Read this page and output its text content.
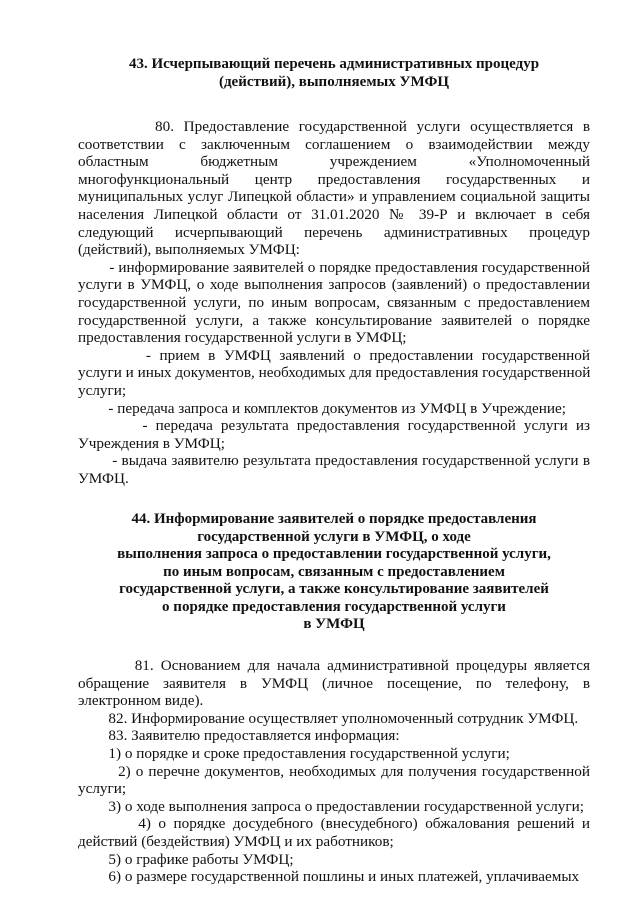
43. Исчерпывающий перечень административных процедур
(действий), выполняемых УМФЦ
80. Предоставление государственной услуги осуществляется в
соответствии с заключенным соглашением о взаимодействии между
областным бюджетным учреждением «Уполномоченный
многофункциональный центр предоставления государственных и
муниципальных услуг Липецкой области» и управлением социальной защиты
населения Липецкой области от 31.01.2020 № 39-Р и включает в себя
следующий исчерпывающий перечень административных процедур
(действий), выполняемых УМФЦ:
- информирование заявителей о порядке предоставления государственной
услуги в УМФЦ, о ходе выполнения запросов (заявлений) о предоставлении
государственной услуги, по иным вопросам, связанным с предоставлением
государственной услуги, а также консультирование заявителей о порядке
предоставления государственной услуги в УМФЦ;
- прием в УМФЦ заявлений о предоставлении государственной
услуги и иных документов, необходимых для предоставления государственной
услуги;
- передача запроса и комплектов документов из УМФЦ в Учреждение;
- передача результата предоставления государственной услуги из
Учреждения в УМФЦ;
- выдача заявителю результата предоставления государственной услуги в
УМФЦ.
44. Информирование заявителей о порядке предоставления
государственной услуги в УМФЦ, о ходе
выполнения запроса о предоставлении государственной услуги,
по иным вопросам, связанным с предоставлением
государственной услуги, а также консультирование заявителей
о порядке предоставления государственной услуги
в УМФЦ
81. Основанием для начала административной процедуры является
обращение заявителя в УМФЦ (личное посещение, по телефону, в
электронном виде).
82. Информирование осуществляет уполномоченный сотрудник УМФЦ.
83. Заявителю предоставляется информация:
1) о порядке и сроке предоставления государственной услуги;
2) о перечне документов, необходимых для получения государственной
услуги;
3) о ходе выполнения запроса о предоставлении государственной услуги;
4) о порядке досудебного (внесудебного) обжалования решений и
действий (бездействия) УМФЦ и их работников;
5) о графике работы УМФЦ;
6) о размере государственной пошлины и иных платежей, уплачиваемых
